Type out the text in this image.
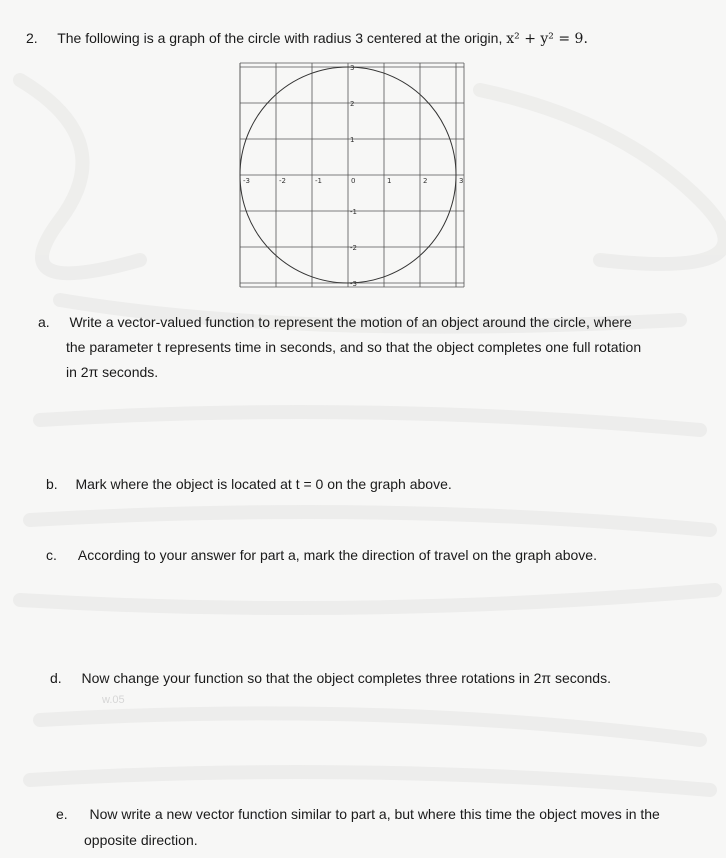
2. The following is a graph of the circle with radius 3 centered at the origin, x² + y² = 9.
-3	-2	-1	0	1	2	3
3
2
1
-1
-2
-3
a. Write a vector-valued function to represent the motion of an object around the circle, where
the parameter t represents time in seconds, and so that the object completes one full rotation
in 2π seconds.
b. Mark where the object is located at t = 0 on the graph above.
c. According to your answer for part a, mark the direction of travel on the graph above.
d. Now change your function so that the object completes three rotations in 2π seconds.
w.05
e. Now write a new vector function similar to part a, but where this time the object moves in the
opposite direction.
